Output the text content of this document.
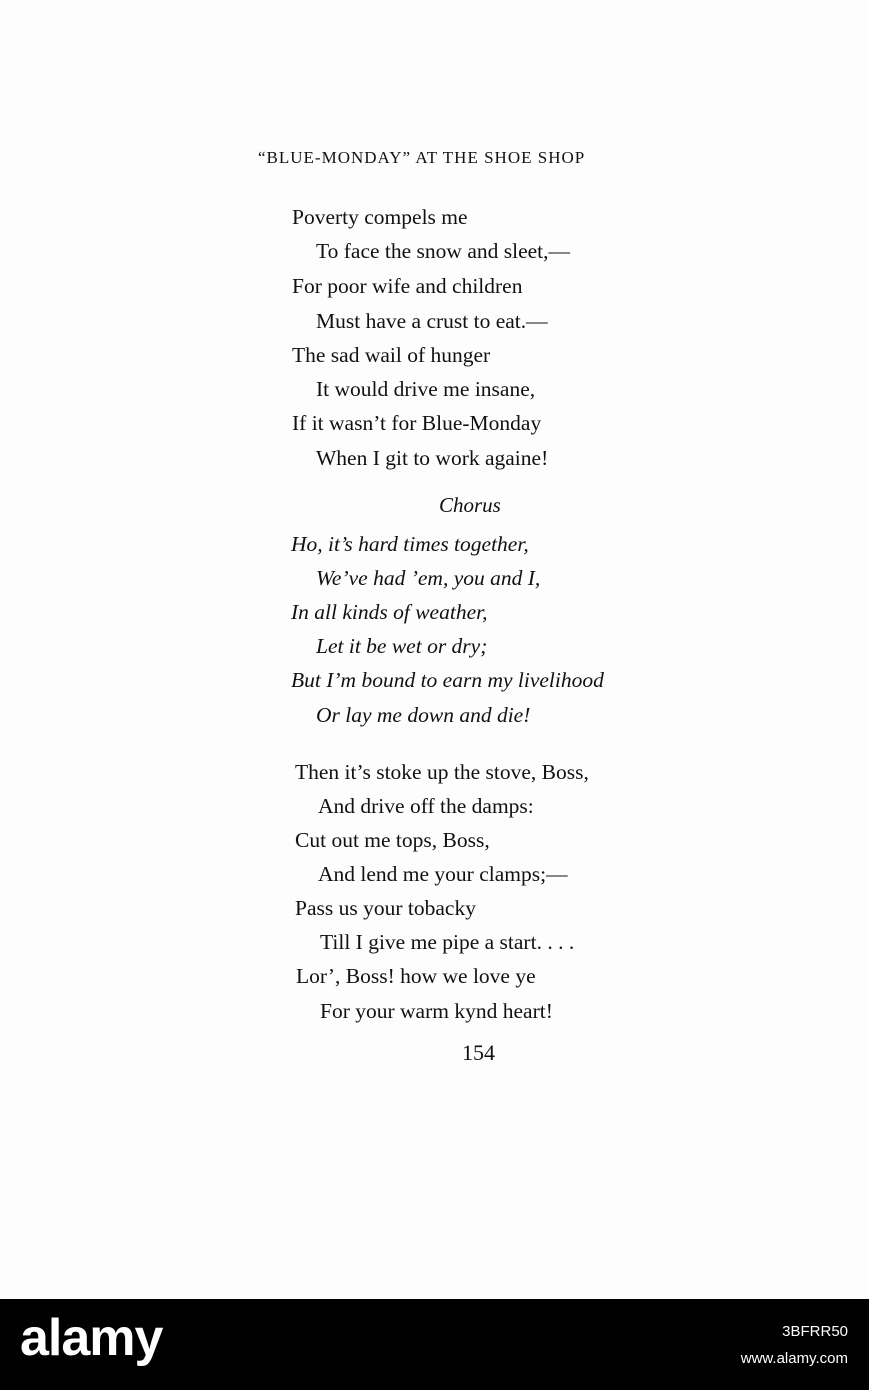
“BLUE-MONDAY” AT THE SHOE SHOP
Poverty compels me
To face the snow and sleet,—
For poor wife and children
Must have a crust to eat.—
The sad wail of hunger
It would drive me insane,
If it wasn’t for Blue-Monday
When I git to work againe!
Chorus
Ho, it’s hard times together,
We’ve had ’em, you and I,
In all kinds of weather,
Let it be wet or dry;
But I’m bound to earn my livelihood
Or lay me down and die!
Then it’s stoke up the stove, Boss,
And drive off the damps:
Cut out me tops, Boss,
And lend me your clamps;—
Pass us your tobacky
Till I give me pipe a start. . . .
Lor’, Boss! how we love ye
For your warm kynd heart!
154
alamy	3BFRR50
www.alamy.com
